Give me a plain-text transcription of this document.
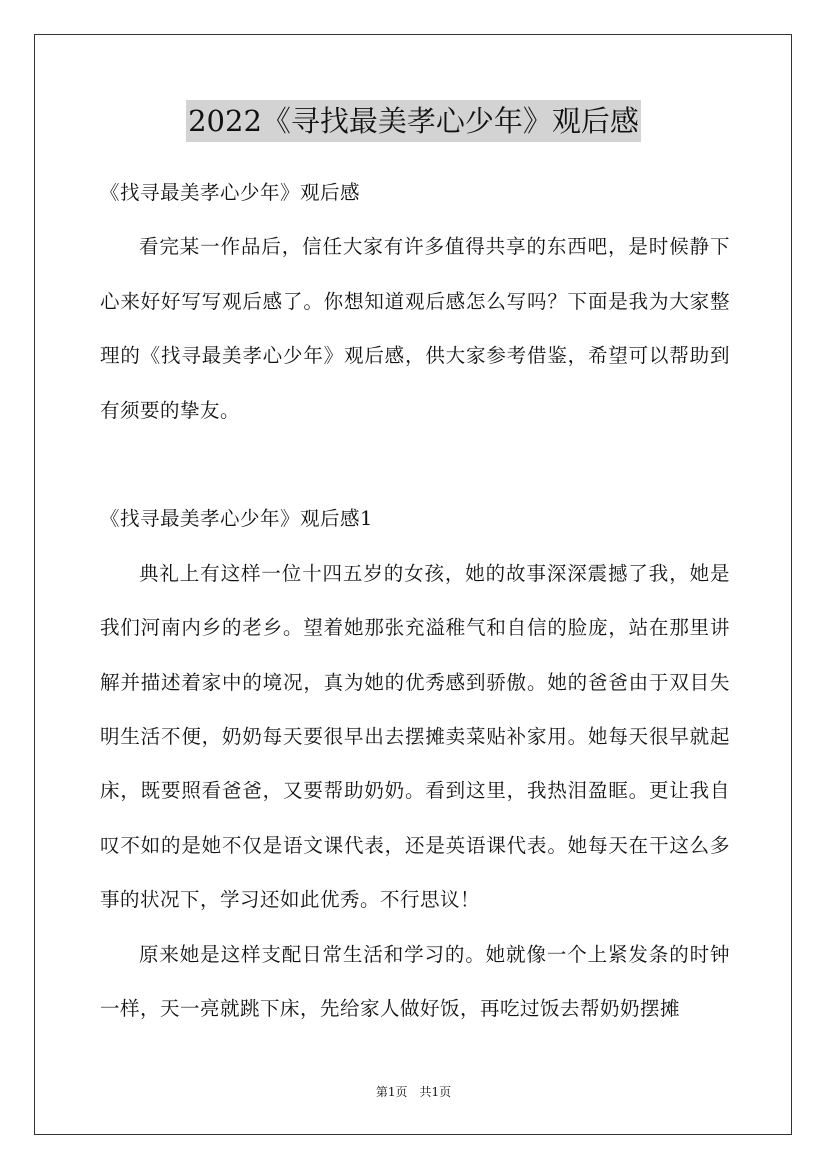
2022《寻找最美孝心少年》观后感

《找寻最美孝心少年》观后感

看完某一作品后，信任大家有许多值得共享的东西吧，是时候静下心来好好写写观后感了。你想知道观后感怎么写吗？下面是我为大家整理的《找寻最美孝心少年》观后感，供大家参考借鉴，希望可以帮助到有须要的挚友。

《找寻最美孝心少年》观后感1

典礼上有这样一位十四五岁的女孩，她的故事深深震撼了我，她是我们河南内乡的老乡。望着她那张充溢稚气和自信的脸庞，站在那里讲解并描述着家中的境况，真为她的优秀感到骄傲。她的爸爸由于双目失明生活不便，奶奶每天要很早出去摆摊卖菜贴补家用。她每天很早就起床，既要照看爸爸，又要帮助奶奶。看到这里，我热泪盈眶。更让我自叹不如的是她不仅是语文课代表，还是英语课代表。她每天在干这么多事的状况下，学习还如此优秀。不行思议！

原来她是这样支配日常生活和学习的。她就像一个上紧发条的时钟一样，天一亮就跳下床，先给家人做好饭，再吃过饭去帮奶奶摆摊

第1页　共1页
